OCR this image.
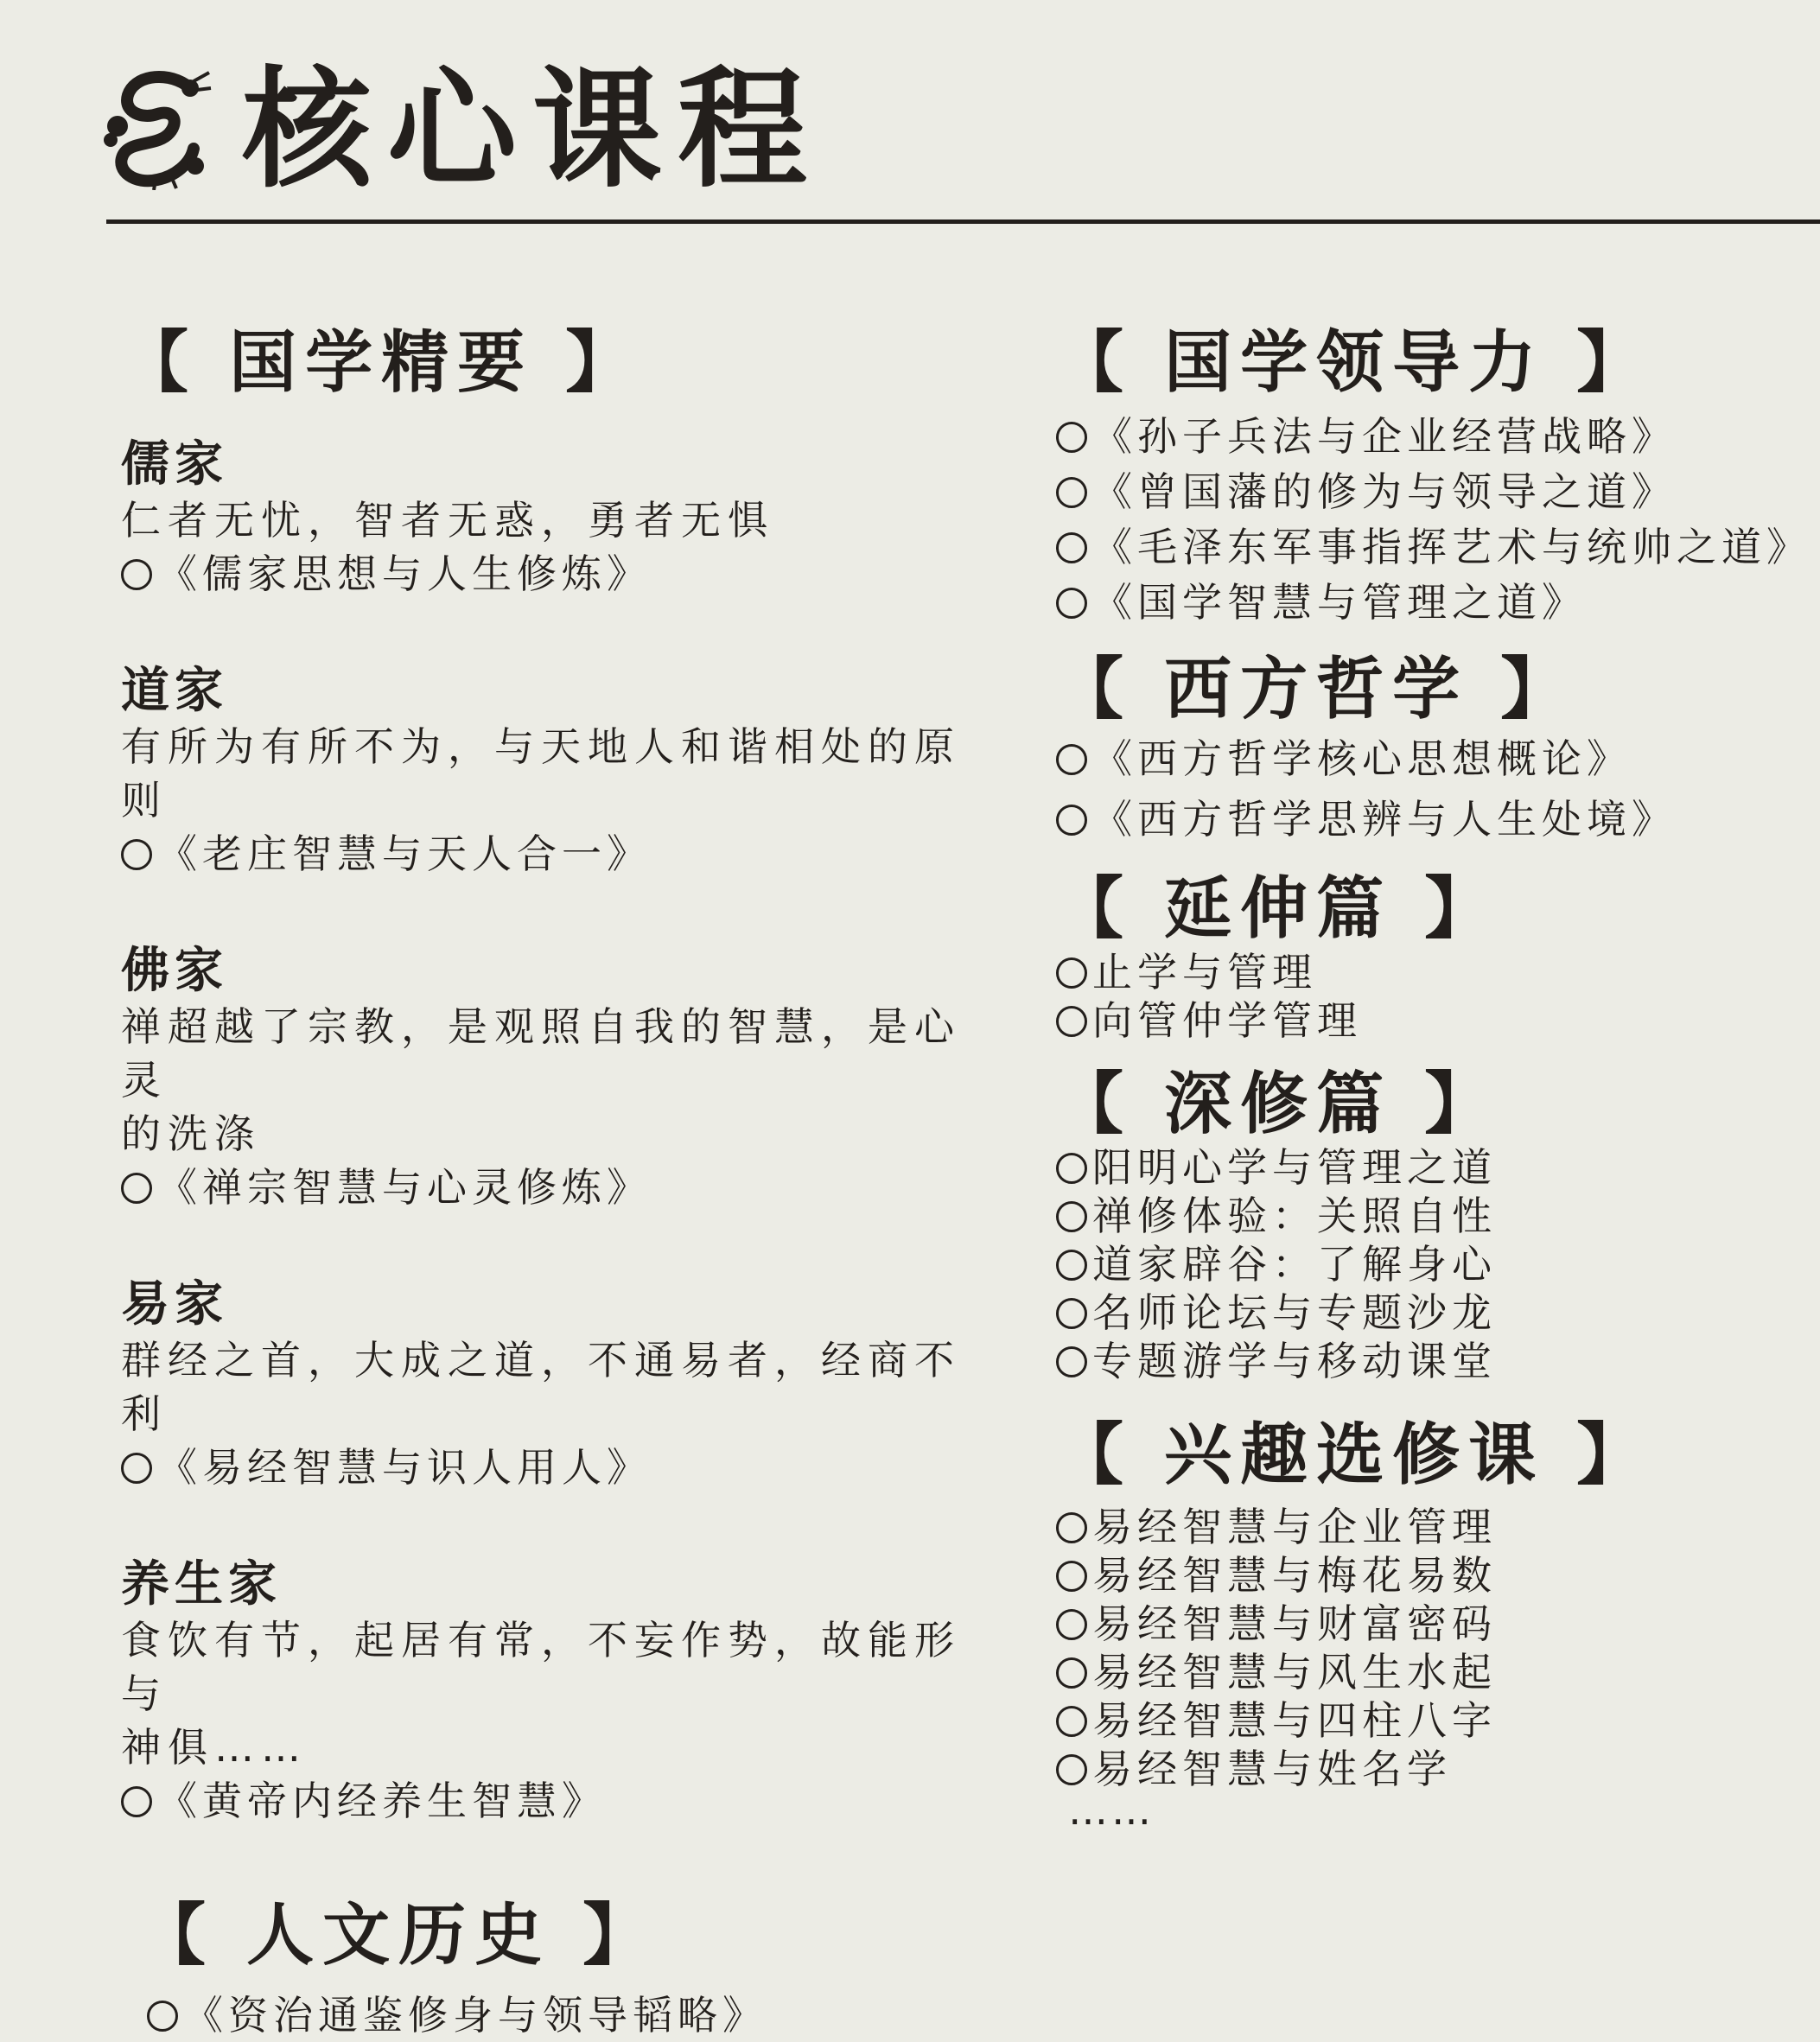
核心课程
【 国学精要 】
儒家
仁者无忧，智者无惑，勇者无惧
《儒家思想与人生修炼》
道家
有所为有所不为，与天地人和谐相处的原则
《老庄智慧与天人合一》
佛家
禅超越了宗教，是观照自我的智慧，是心灵
的洗涤
《禅宗智慧与心灵修炼》
易家
群经之首，大成之道，不通易者，经商不利
《易经智慧与识人用人》
养生家
食饮有节，起居有常，不妄作势，故能形与
神俱……
《黄帝内经养生智慧》
【 人文历史 】
《资治通鉴修身与领导韬略》
【 国学领导力 】
《孙子兵法与企业经营战略》
《曾国藩的修为与领导之道》
《毛泽东军事指挥艺术与统帅之道》
《国学智慧与管理之道》
【 西方哲学 】
《西方哲学核心思想概论》
《西方哲学思辨与人生处境》
【 延伸篇 】
止学与管理
向管仲学管理
【 深修篇 】
阳明心学与管理之道
禅修体验：关照自性
道家辟谷：了解身心
名师论坛与专题沙龙
专题游学与移动课堂
【 兴趣选修课 】
易经智慧与企业管理
易经智慧与梅花易数
易经智慧与财富密码
易经智慧与风生水起
易经智慧与四柱八字
易经智慧与姓名学
……
